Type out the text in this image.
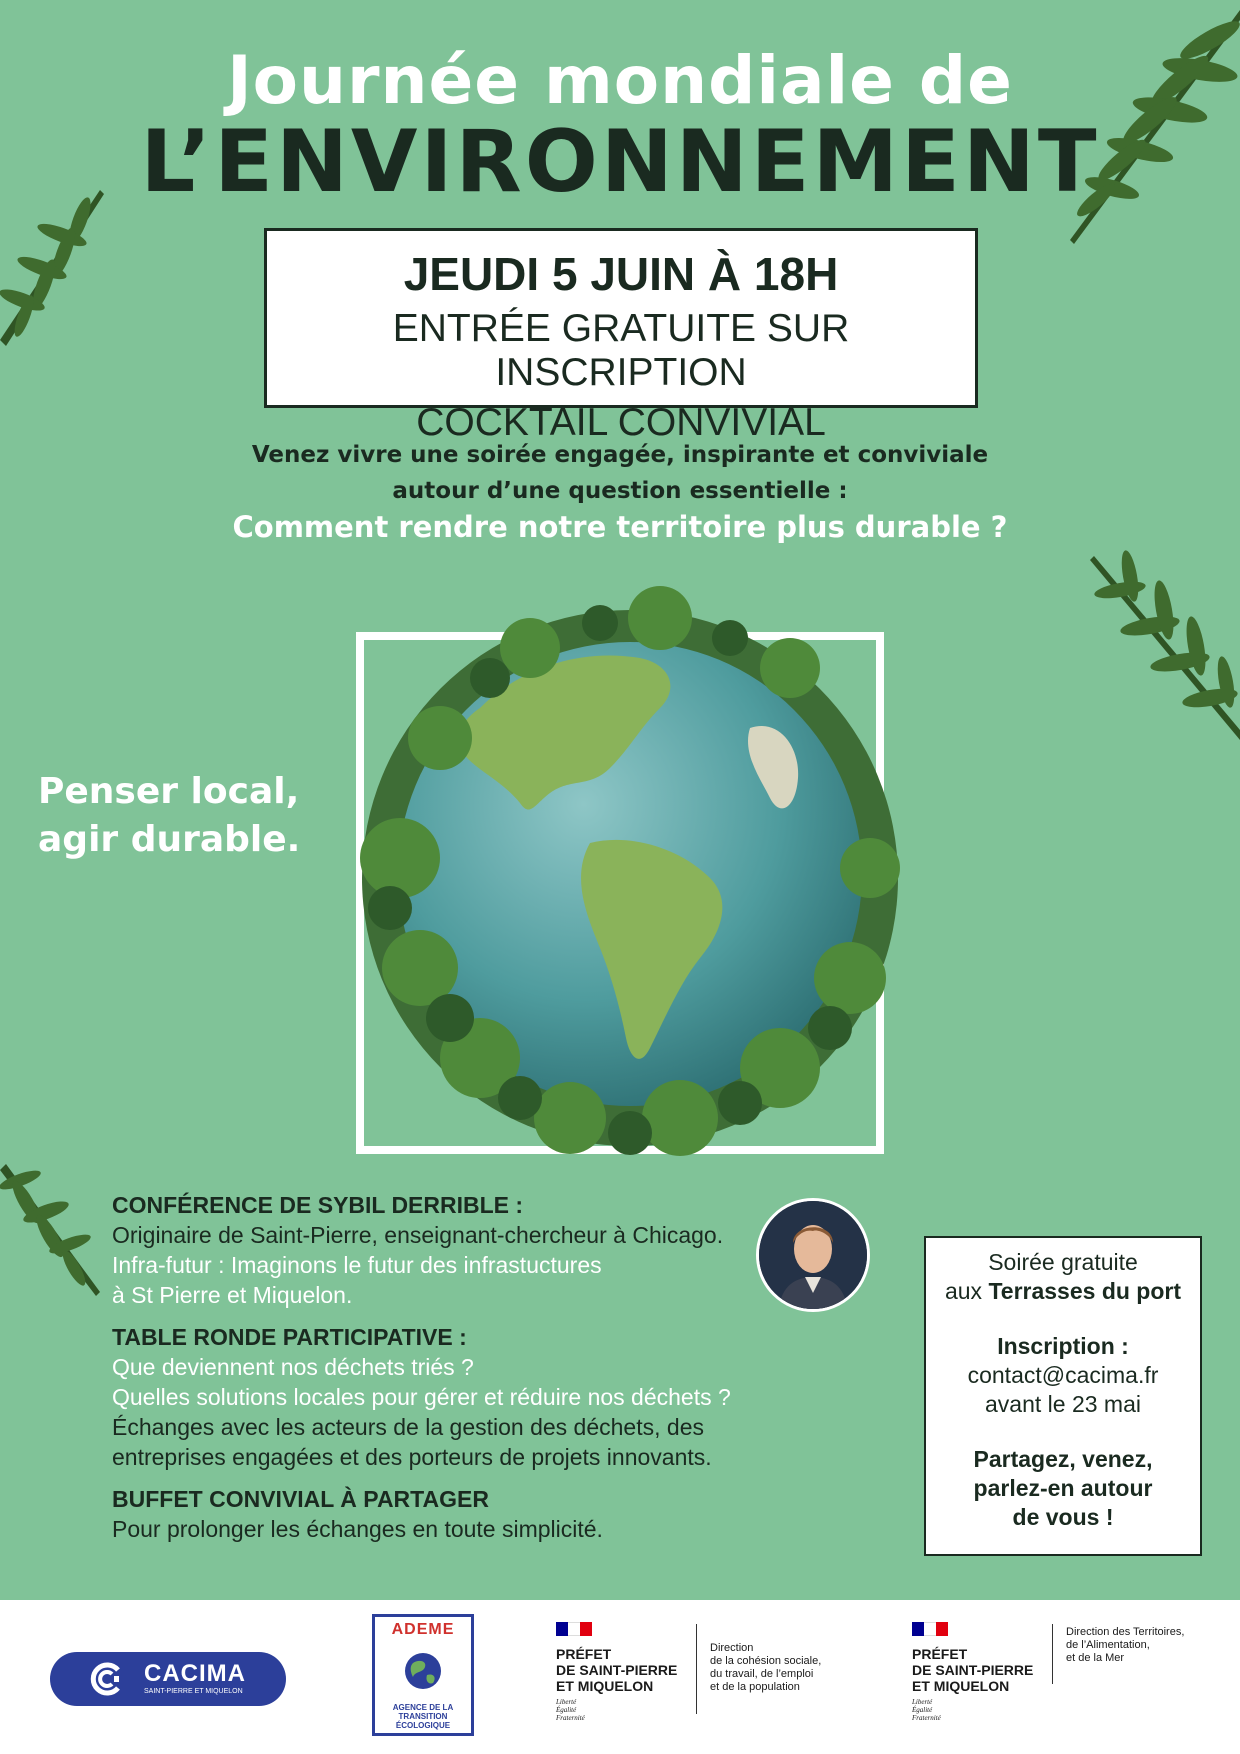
Journée mondiale de
L’ENVIRONNEMENT
JEUDI 5 JUIN À 18H
ENTRÉE GRATUITE SUR INSCRIPTION
COCKTAIL CONVIVIAL
Venez vivre une soirée engagée, inspirante et conviviale
autour d’une question essentielle :
Comment rendre notre territoire plus durable ?
Penser local,
agir durable.
CONFÉRENCE DE SYBIL DERRIBLE :
Originaire de Saint-Pierre, enseignant-chercheur à Chicago.
Infra-futur : Imaginons le futur des infrastuctures
à St Pierre et Miquelon.
TABLE RONDE PARTICIPATIVE :
Que deviennent nos déchets triés ?
Quelles solutions locales pour gérer et réduire nos déchets ?
Échanges avec les acteurs de la gestion des déchets, des
entreprises engagées et des porteurs de projets innovants.
BUFFET CONVIVIAL À PARTAGER
Pour prolonger les échanges en toute simplicité.
Soirée gratuite
aux Terrasses du port
Inscription :
contact@cacima.fr
avant le 23 mai
Partagez, venez,
parlez-en autour
de vous !
CACIMA
SAINT-PIERRE ET MIQUELON
ADEME
AGENCE DE LA
TRANSITION
ÉCOLOGIQUE
PRÉFET
DE SAINT-PIERRE
ET MIQUELON
Liberté
Égalité
Fraternité
Direction
de la cohésion sociale,
du travail, de l’emploi
et de la population
PRÉFET
DE SAINT-PIERRE
ET MIQUELON
Liberté
Égalité
Fraternité
Direction des Territoires,
de l’Alimentation,
et de la Mer
